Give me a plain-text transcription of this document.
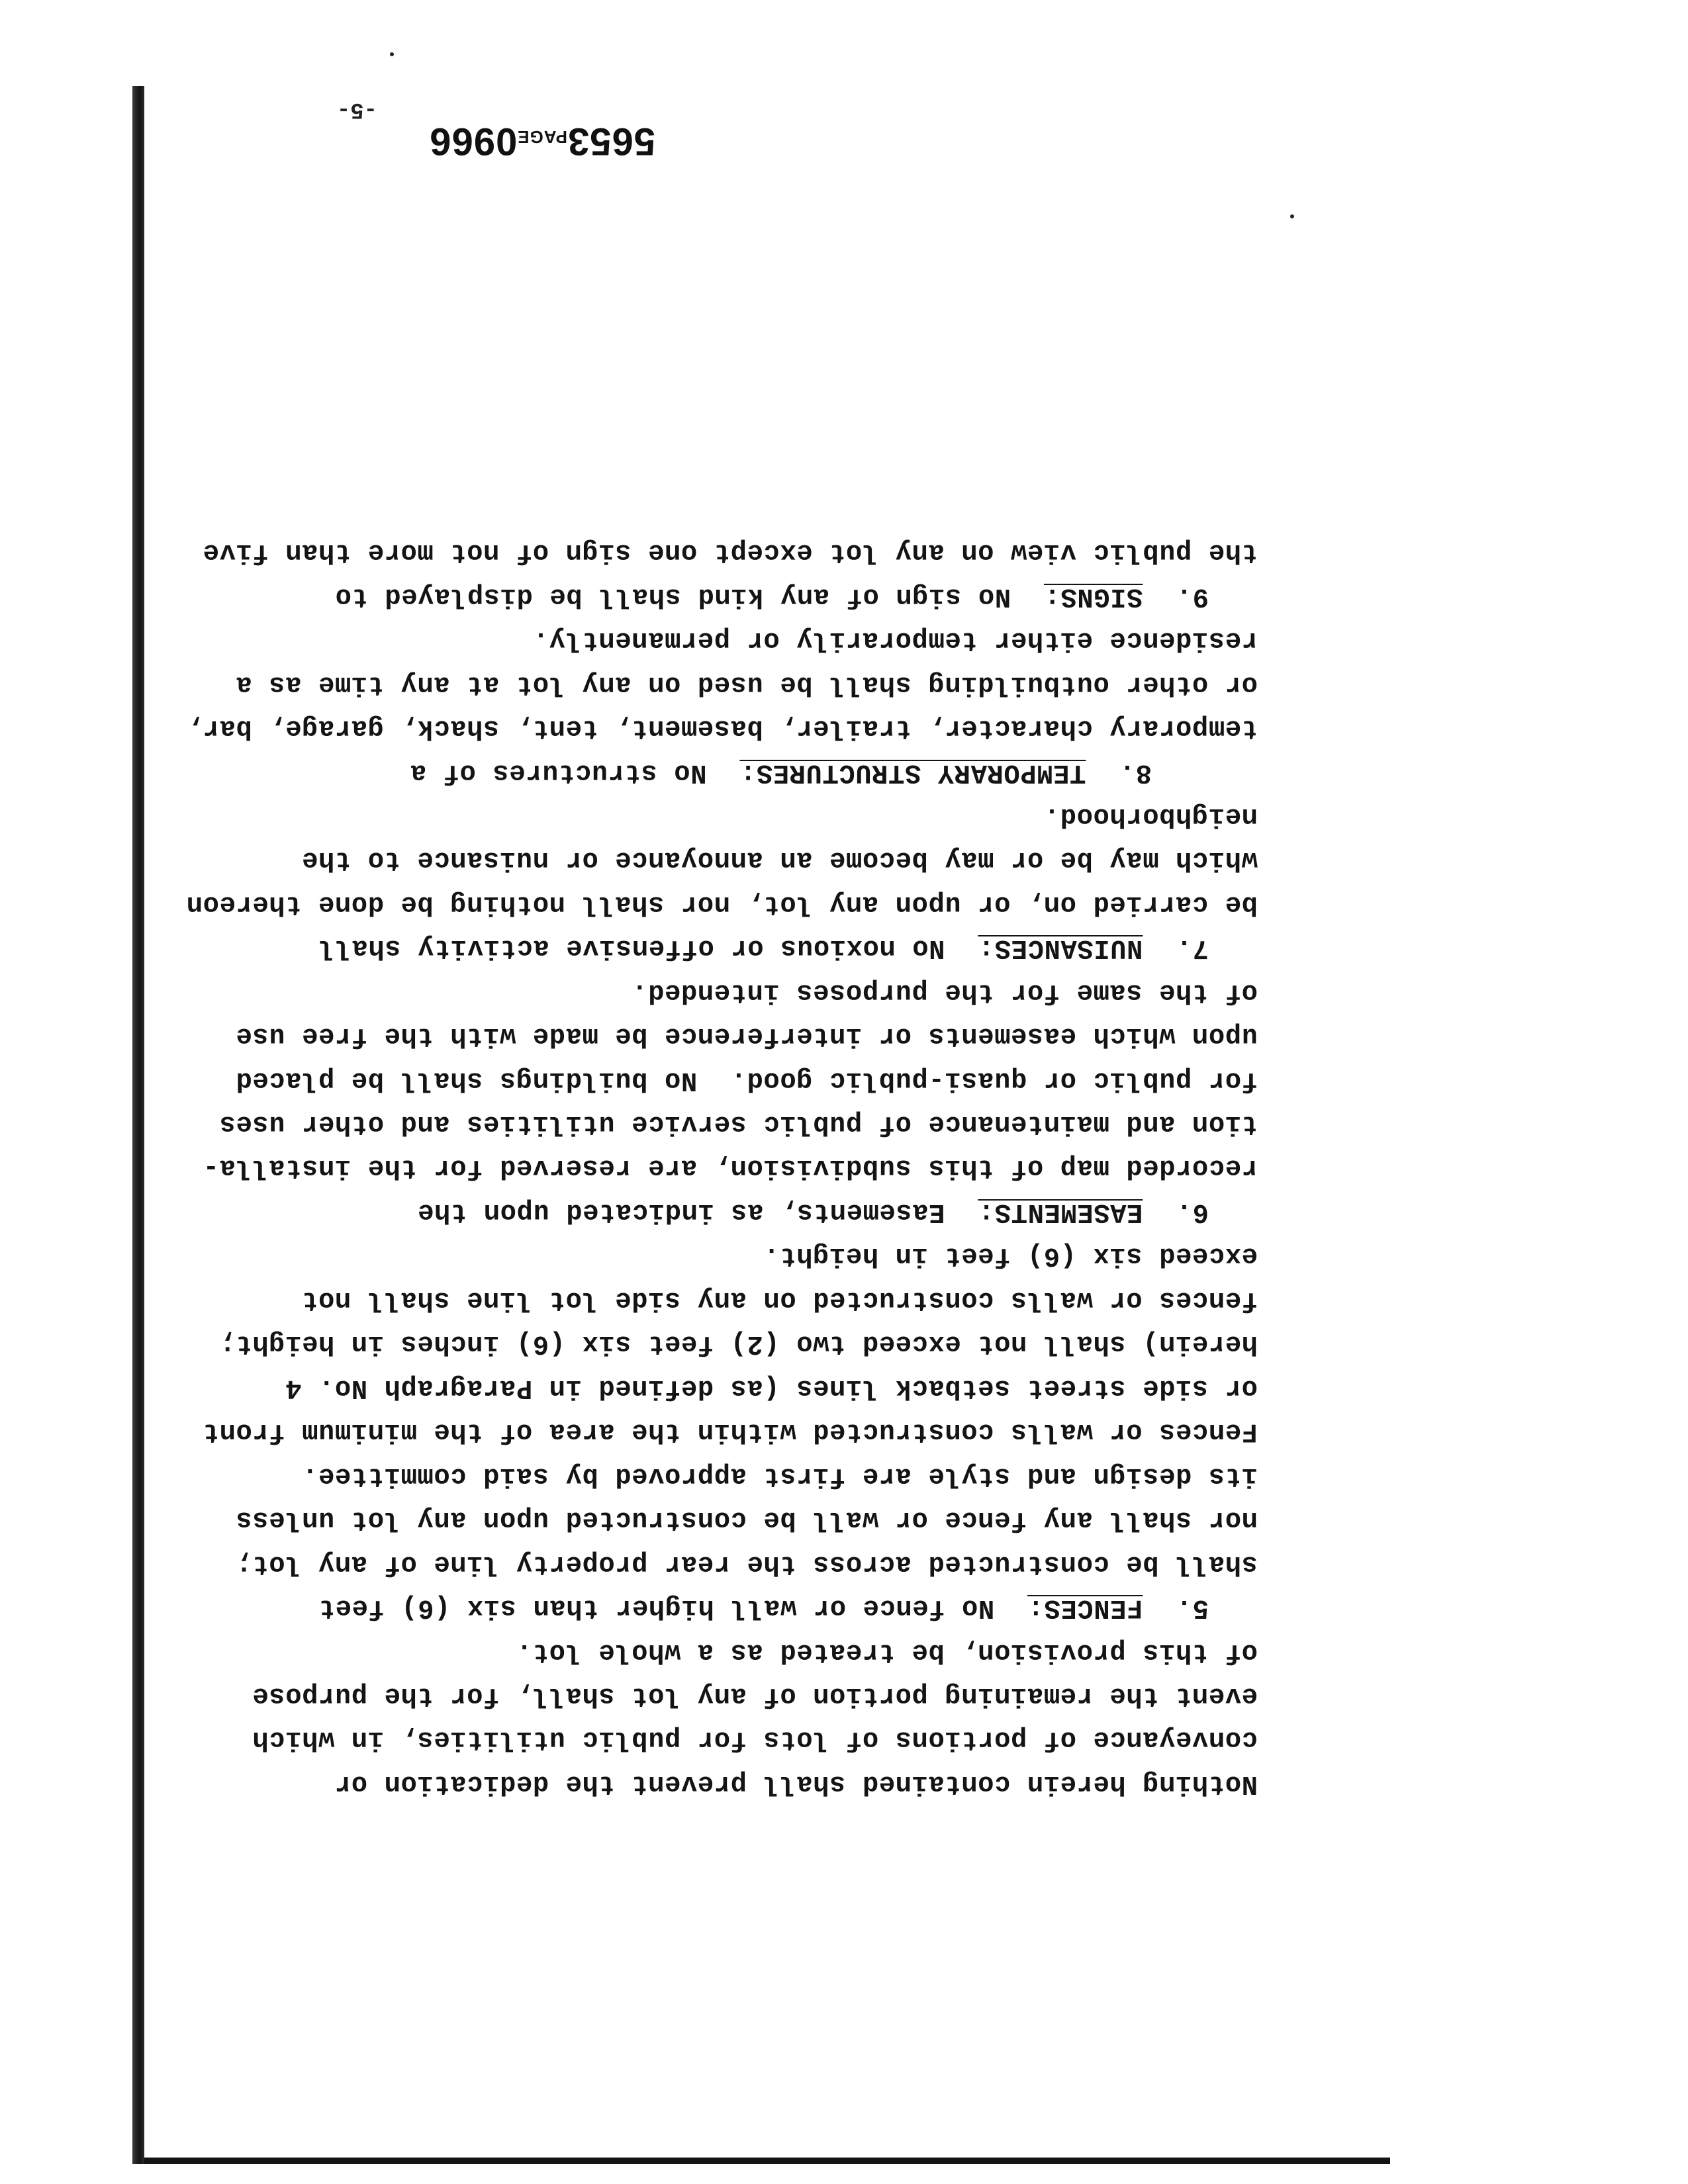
-5-
5653PAGE0966
Nothing herein contained shall prevent the dedication or
conveyance of portions of lots for public utilities, in which
event the remaining portion of any lot shall, for the purpose
of this provision, be treated as a whole lot.
5.  FENCES:  No fence or wall higher than six (6) feet
shall be constructed across the rear property line of any lot;
nor shall any fence or wall be constructed upon any lot unless
its design and style are first approved by said committee.
Fences or walls constructed within the area of the minimum front
or side street setback lines (as defined in Paragraph No. 4
herein) shall not exceed two (2) feet six (6) inches in height;
fences or walls constructed on any side lot line shall not
exceed six (6) feet in height.
6.  EASEMENTS:  Easements, as indicated upon the
recorded map of this subdivision, are reserved for the installa-
tion and maintenance of public service utilities and other uses
for public or quasi-public good.  No buildings shall be placed
upon which easements or interference be made with the free use
of the same for the purposes intended.
7.  NUISANCES:  No noxious or offensive activity shall
be carried on, or upon any lot, nor shall nothing be done thereon
which may be or may become an annoyance or nuisance to the
neighborhood.
8.  TEMPORARY STRUCTURES:  No structures of a
temporary character, trailer, basement, tent, shack, garage, bar,
or other outbuilding shall be used on any lot at any time as a
residence either temporarily or permanently.
9.  SIGNS:  No sign of any kind shall be displayed to
the public view on any lot except one sign of not more than five
